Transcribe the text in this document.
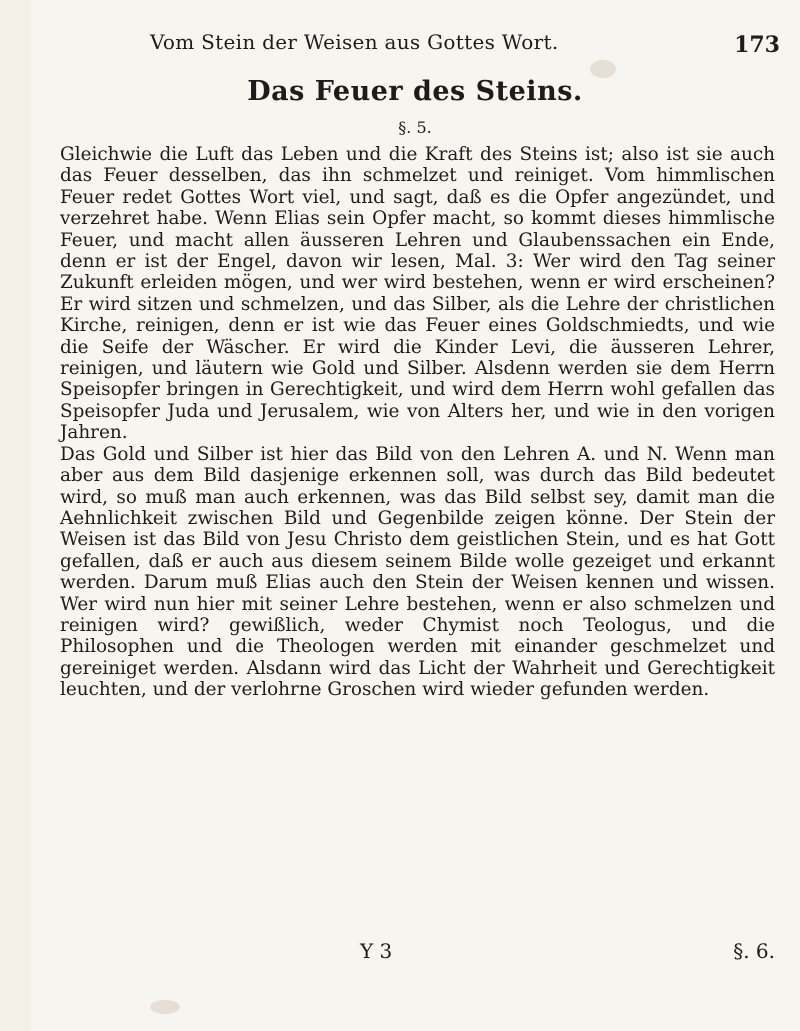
Vom Stein der Weisen aus Gottes Wort.	173
Das Feuer des Steins.
§. 5.

Gleichwie die Luft das Leben und die Kraft des Steins ist; also ist sie auch das Feuer desselben, das ihn schmelzet und reiniget. Vom himmlischen Feuer redet Gottes Wort viel, und sagt, daß es die Opfer angezündet, und verzehret habe. Wenn Elias sein Opfer macht, so kommt dieses himmlische Feuer, und macht allen äusseren Lehren und Glaubenssachen ein Ende, denn er ist der Engel, davon wir lesen, Mal. 3: Wer wird den Tag seiner Zukunft erleiden mögen, und wer wird bestehen, wenn er wird erscheinen? Er wird sitzen und schmelzen, und das Silber, als die Lehre der christlichen Kirche, reinigen, denn er ist wie das Feuer eines Goldschmiedts, und wie die Seife der Wäscher. Er wird die Kinder Levi, die äusseren Lehrer, reinigen, und läutern wie Gold und Silber. Alsdenn werden sie dem Herrn Speisopfer bringen in Gerechtigkeit, und wird dem Herrn wohl gefallen das Speisopfer Juda und Jerusalem, wie von Alters her, und wie in den vorigen Jahren.

Das Gold und Silber ist hier das Bild von den Lehren A. und N. Wenn man aber aus dem Bild dasjenige erkennen soll, was durch das Bild bedeutet wird, so muß man auch erkennen, was das Bild selbst sey, damit man die Aehnlichkeit zwischen Bild und Gegenbilde zeigen könne. Der Stein der Weisen ist das Bild von Jesu Christo dem geistlichen Stein, und es hat Gott gefallen, daß er auch aus diesem seinem Bilde wolle gezeiget und erkannt werden. Darum muß Elias auch den Stein der Weisen kennen und wissen. Wer wird nun hier mit seiner Lehre bestehen, wenn er also schmelzen und reinigen wird? gewißlich, weder Chymist noch Teologus, und die Philosophen und die Theologen werden mit einander geschmelzet und gereiniget werden. Alsdann wird das Licht der Wahrheit und Gerechtigkeit leuchten, und der verlohrne Groschen wird wieder gefunden werden.

Y 3	§. 6.
